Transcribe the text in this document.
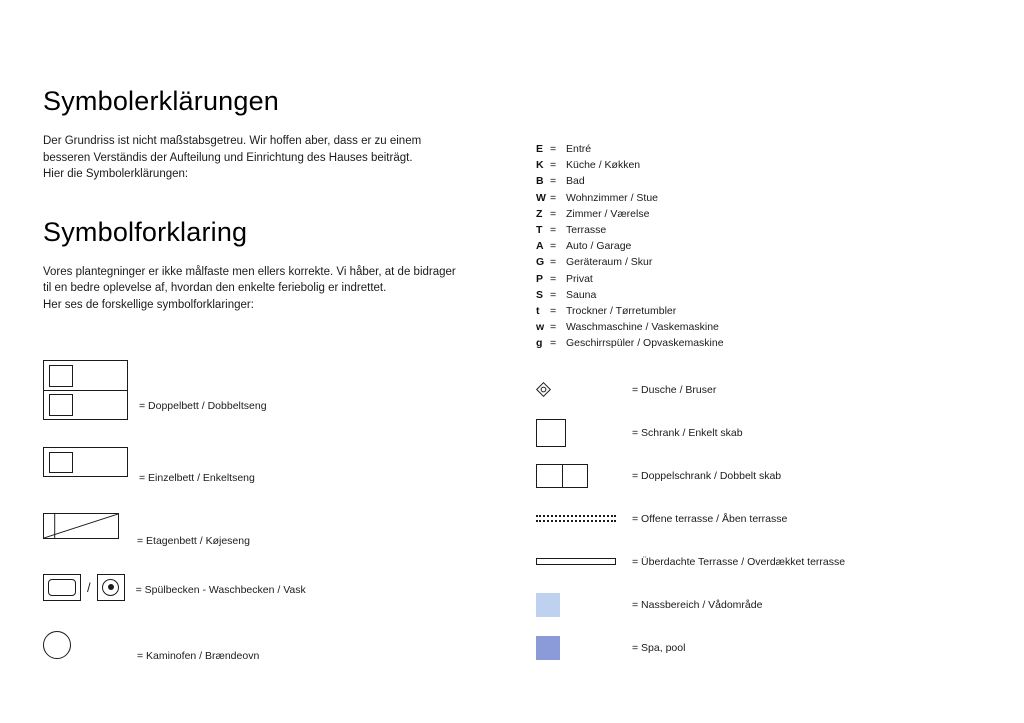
Symbolerklärungen

Der Grundriss ist nicht maßstabsgetreu. Wir hoffen aber, dass er zu einem
besseren Verständis der Aufteilung und Einrichtung des Hauses beiträgt.
Hier die Symbolerklärungen:

Symbolforklaring

Vores plantegninger er ikke målfaste men ellers korrekte. Vi håber, at de bidrager
til en bedre oplevelse af, hvordan den enkelte feriebolig er indrettet.
Her ses de forskellige symbolforklaringer:

E = Entré
K = Küche / Køkken
B = Bad
W = Wohnzimmer / Stue
Z = Zimmer / Værelse
T = Terrasse
A = Auto / Garage
G = Geräteraum / Skur
P = Privat
S = Sauna
t	= Trockner / Tørretumbler
w = Waschmaschine / Vaskemaskine
g = Geschirrspüler / Opvaskemaskine
= Doppelbett / Dobbeltseng
= Einzelbett / Enkeltseng
= Etagenbett / Køjeseng
/	= Spülbecken - Waschbecken / Vask
= Kaminofen / Brændeovn
= Dusche / Bruser
= Schrank / Enkelt skab
= Doppelschrank / Dobbelt skab
= Offene terrasse / Åben terrasse
= Überdachte Terrasse / Overdækket terrasse
= Nassbereich / Vådområde
= Spa, pool
